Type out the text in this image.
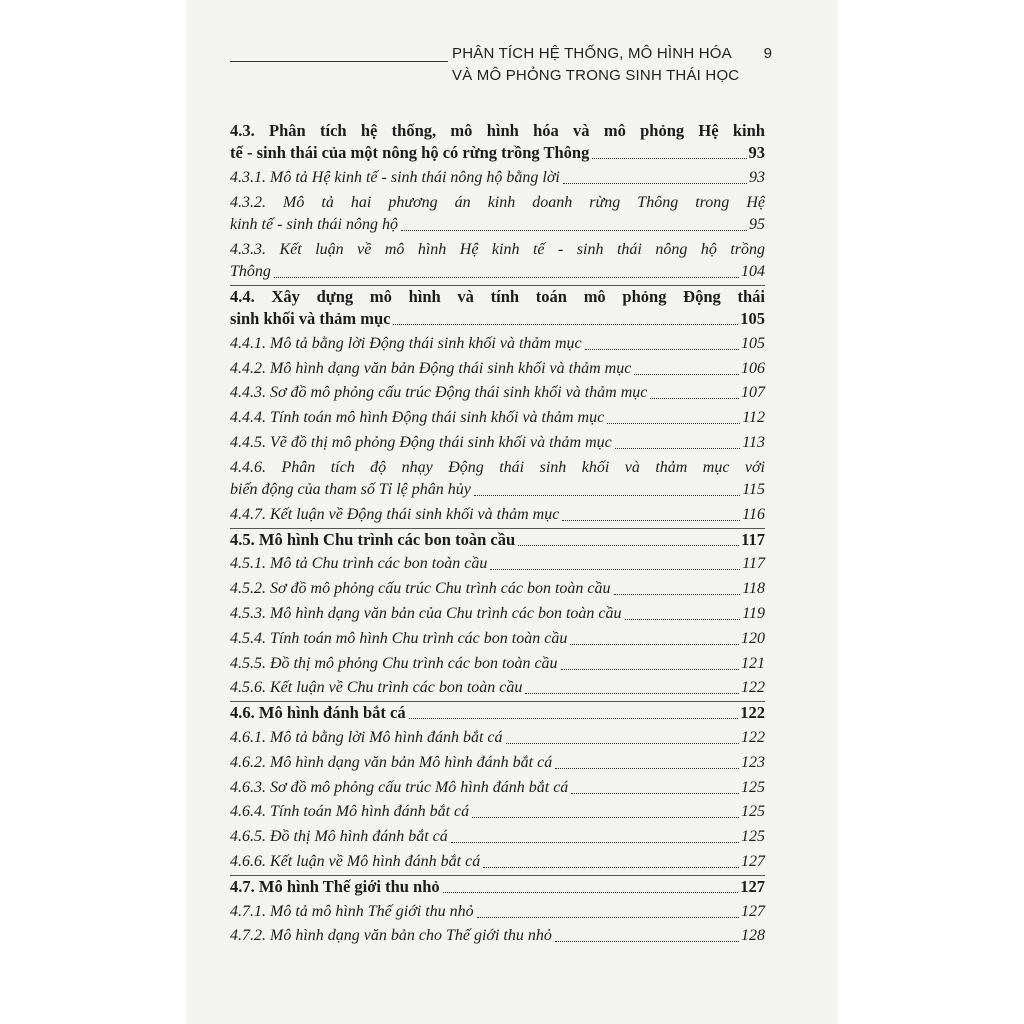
PHÂN TÍCH HỆ THỐNG, MÔ HÌNH HÓA
VÀ MÔ PHỎNG TRONG SINH THÁI HỌC
9
4.3. Phân tích hệ thống, mô hình hóa và mô phỏng Hệ kinh
tế - sinh thái của một nông hộ có rừng trồng Thông	93
4.3.1. Mô tả Hệ kinh tế - sinh thái nông hộ bằng lời	93
4.3.2. Mô tả hai phương án kinh doanh rừng Thông trong Hệ
kinh tế - sinh thái nông hộ	95
4.3.3. Kết luận về mô hình Hệ kinh tế - sinh thái nông hộ trồng
Thông	104
4.4. Xây dựng mô hình và tính toán mô phỏng Động thái
sinh khối và thảm mục	105
4.4.1. Mô tả bằng lời Động thái sinh khối và thảm mục	105
4.4.2. Mô hình dạng văn bản Động thái sinh khối và thảm mục	106
4.4.3. Sơ đồ mô phỏng cấu trúc Động thái sinh khối và thảm mục	107
4.4.4. Tính toán mô hình Động thái sinh khối và thảm mục	112
4.4.5. Vẽ đồ thị mô phỏng Động thái sinh khối và thảm mục	113
4.4.6. Phân tích độ nhạy Động thái sinh khối và thảm mục với
biến động của tham số Tỉ lệ phân hủy	115
4.4.7. Kết luận về Động thái sinh khối và thảm mục	116
4.5. Mô hình Chu trình các bon toàn cầu	117
4.5.1. Mô tả Chu trình các bon toàn cầu	117
4.5.2. Sơ đồ mô phỏng cấu trúc Chu trình các bon toàn cầu	118
4.5.3. Mô hình dạng văn bản của Chu trình các bon toàn cầu	119
4.5.4. Tính toán mô hình Chu trình các bon toàn cầu	120
4.5.5. Đồ thị mô phỏng Chu trình các bon toàn cầu	121
4.5.6. Kết luận về Chu trình các bon toàn cầu	122
4.6. Mô hình đánh bắt cá	122
4.6.1. Mô tả bằng lời Mô hình đánh bắt cá	122
4.6.2. Mô hình dạng văn bản Mô hình đánh bắt cá	123
4.6.3. Sơ đồ mô phỏng cấu trúc Mô hình đánh bắt cá	125
4.6.4. Tính toán Mô hình đánh bắt cá	125
4.6.5. Đồ thị Mô hình đánh bắt cá	125
4.6.6. Kết luận về Mô hình đánh bắt cá	127
4.7. Mô hình Thế giới thu nhỏ	127
4.7.1. Mô tả mô hình Thế giới thu nhỏ	127
4.7.2. Mô hình dạng văn bản cho Thế giới thu nhỏ	128
